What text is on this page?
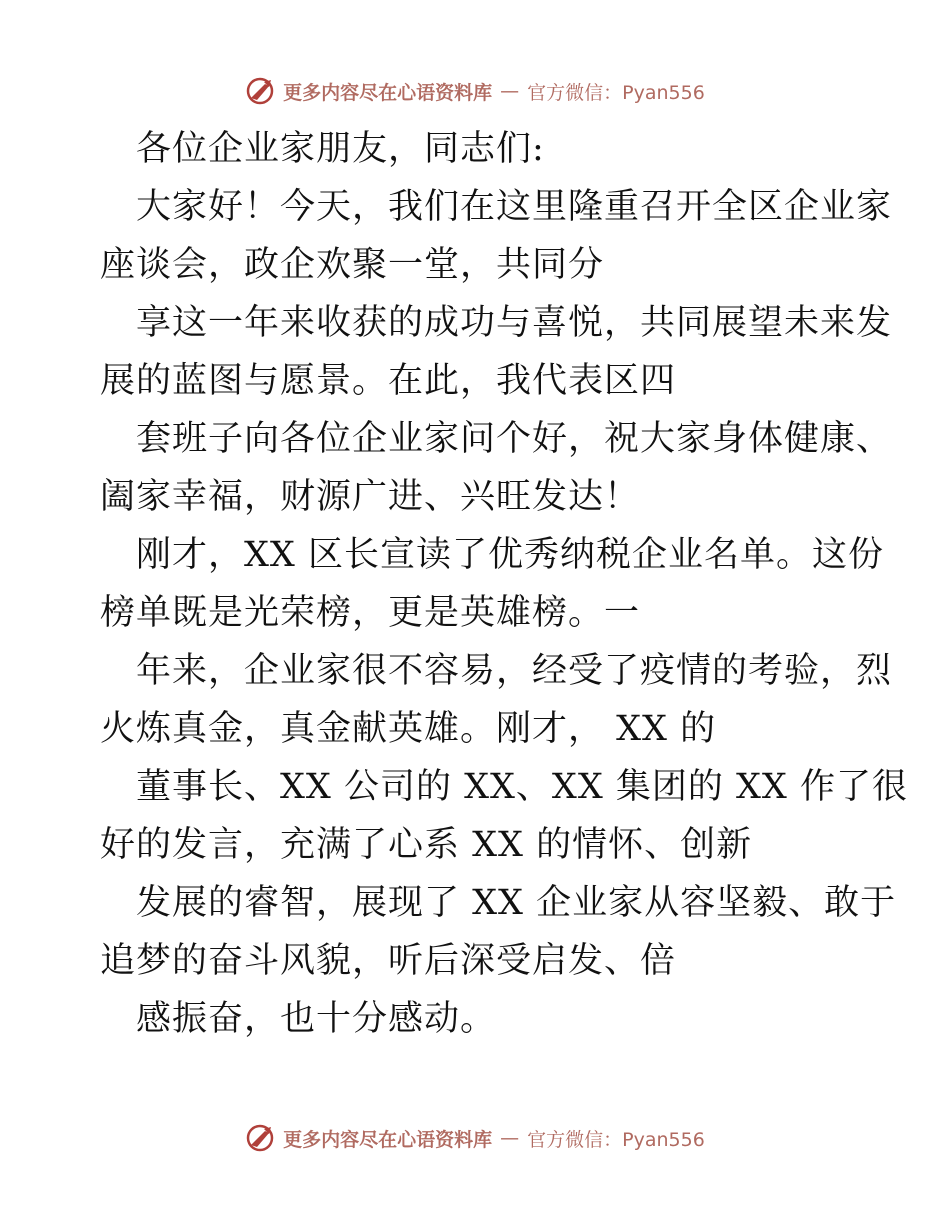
更多内容尽在心语资料库 — 官方微信：Pyan556
各位企业家朋友，同志们:
大家好！今天，我们在这里隆重召开全区企业家
座谈会，政企欢聚一堂，共同分
享这一年来收获的成功与喜悦，共同展望未来发
展的蓝图与愿景。在此，我代表区四
套班子向各位企业家问个好，祝大家身体健康、
阖家幸福，财源广进、兴旺发达！
刚才，XX 区长宣读了优秀纳税企业名单。这份
榜单既是光荣榜，更是英雄榜。一
年来，企业家很不容易，经受了疫情的考验，烈
火炼真金，真金献英雄。刚才， XX 的
董事长、XX 公司的 XX、XX 集团的 XX 作了很
好的发言，充满了心系 XX 的情怀、创新
发展的睿智，展现了 XX 企业家从容坚毅、敢于
追梦的奋斗风貌，听后深受启发、倍
感振奋，也十分感动。
更多内容尽在心语资料库 — 官方微信：Pyan556
